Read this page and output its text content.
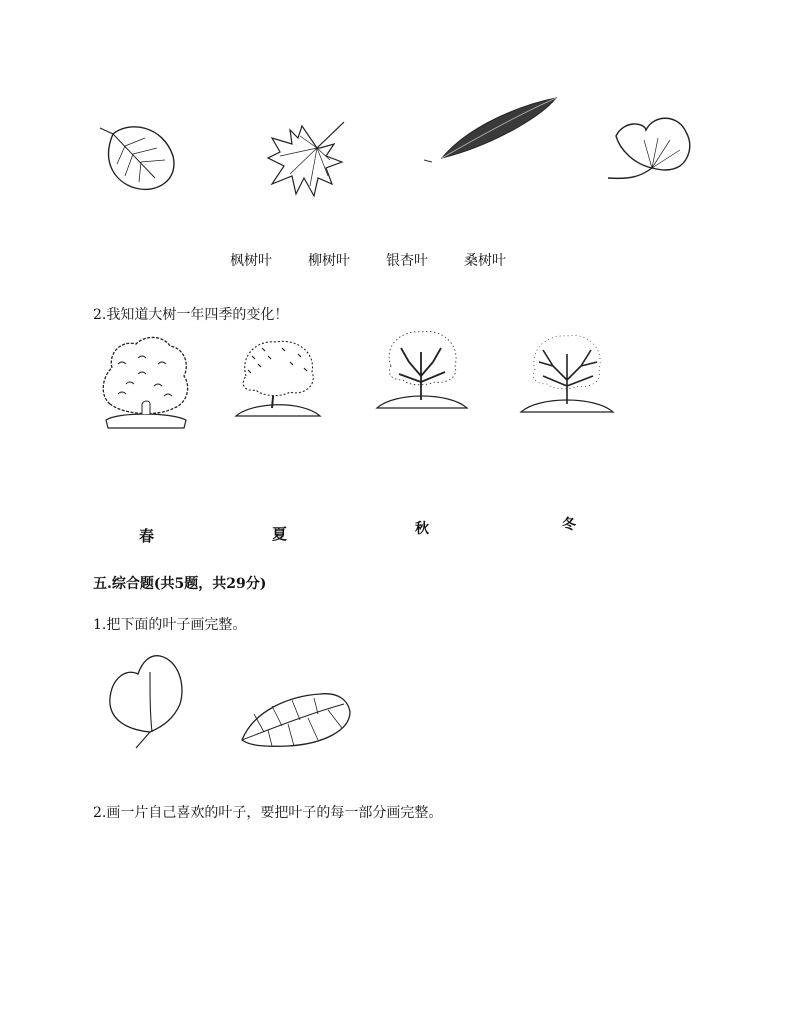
枫树叶	柳树叶	银杏叶	桑树叶
2.我知道大树一年四季的变化！
春	夏	秋	冬
五.综合题(共5题，共29分)
1.把下面的叶子画完整。
2.画一片自己喜欢的叶子，要把叶子的每一部分画完整。
